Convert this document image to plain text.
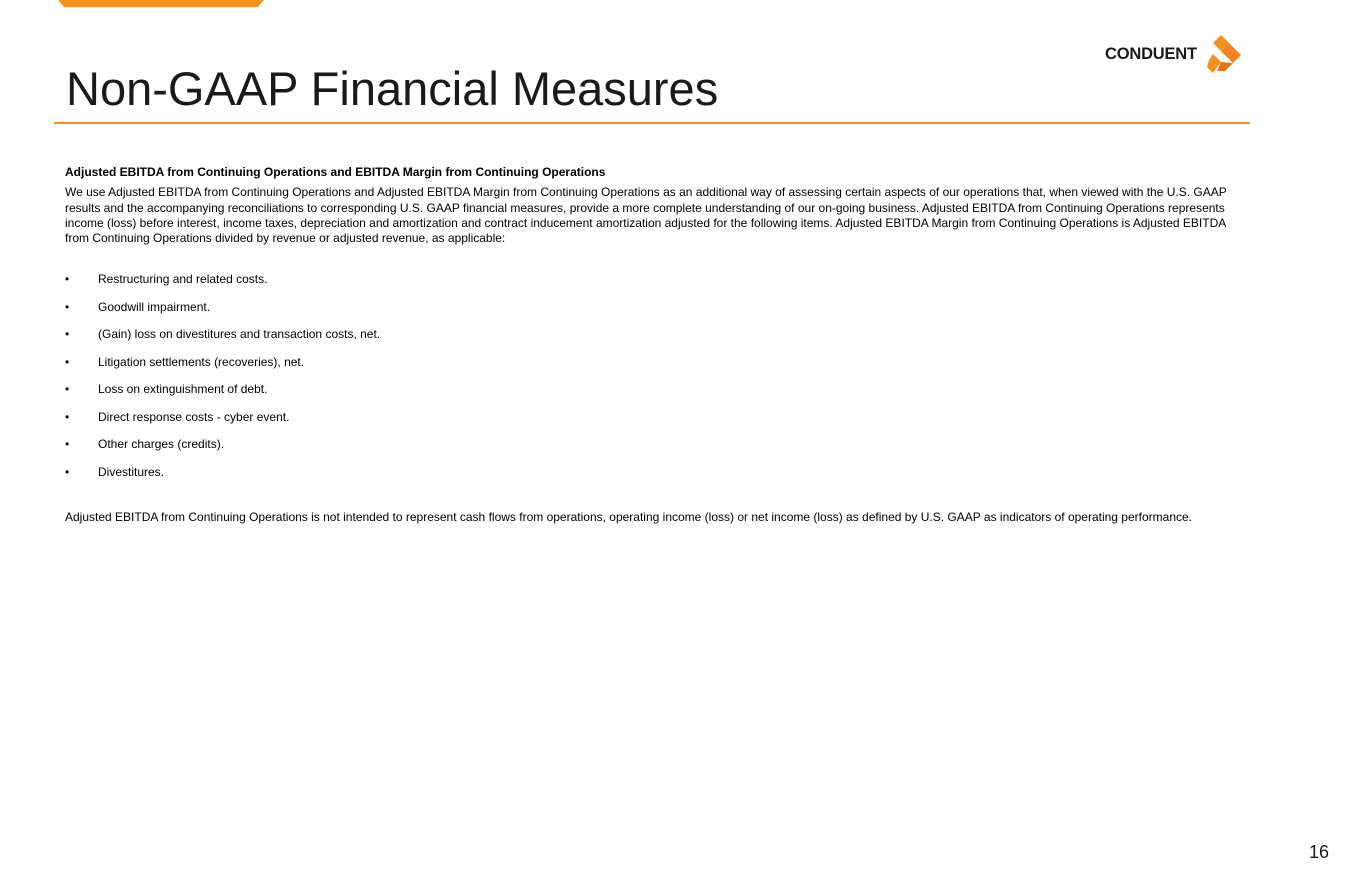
CONDUENT
Non-GAAP Financial Measures

Adjusted EBITDA from Continuing Operations and EBITDA Margin from Continuing Operations

We use Adjusted EBITDA from Continuing Operations and Adjusted EBITDA Margin from Continuing Operations as an additional way of assessing certain aspects of our operations that, when viewed with the U.S. GAAP results and the accompanying reconciliations to corresponding U.S. GAAP financial measures, provide a more complete understanding of our on-going business. Adjusted EBITDA from Continuing Operations represents income (loss) before interest, income taxes, depreciation and amortization and contract inducement amortization adjusted for the following items. Adjusted EBITDA Margin from Continuing Operations is Adjusted EBITDA from Continuing Operations divided by revenue or adjusted revenue, as applicable:

• Restructuring and related costs.
• Goodwill impairment.
• (Gain) loss on divestitures and transaction costs, net.
• Litigation settlements (recoveries), net.
• Loss on extinguishment of debt.
• Direct response costs - cyber event.
• Other charges (credits).
• Divestitures.

Adjusted EBITDA from Continuing Operations is not intended to represent cash flows from operations, operating income (loss) or net income (loss) as defined by U.S. GAAP as indicators of operating performance.

16
